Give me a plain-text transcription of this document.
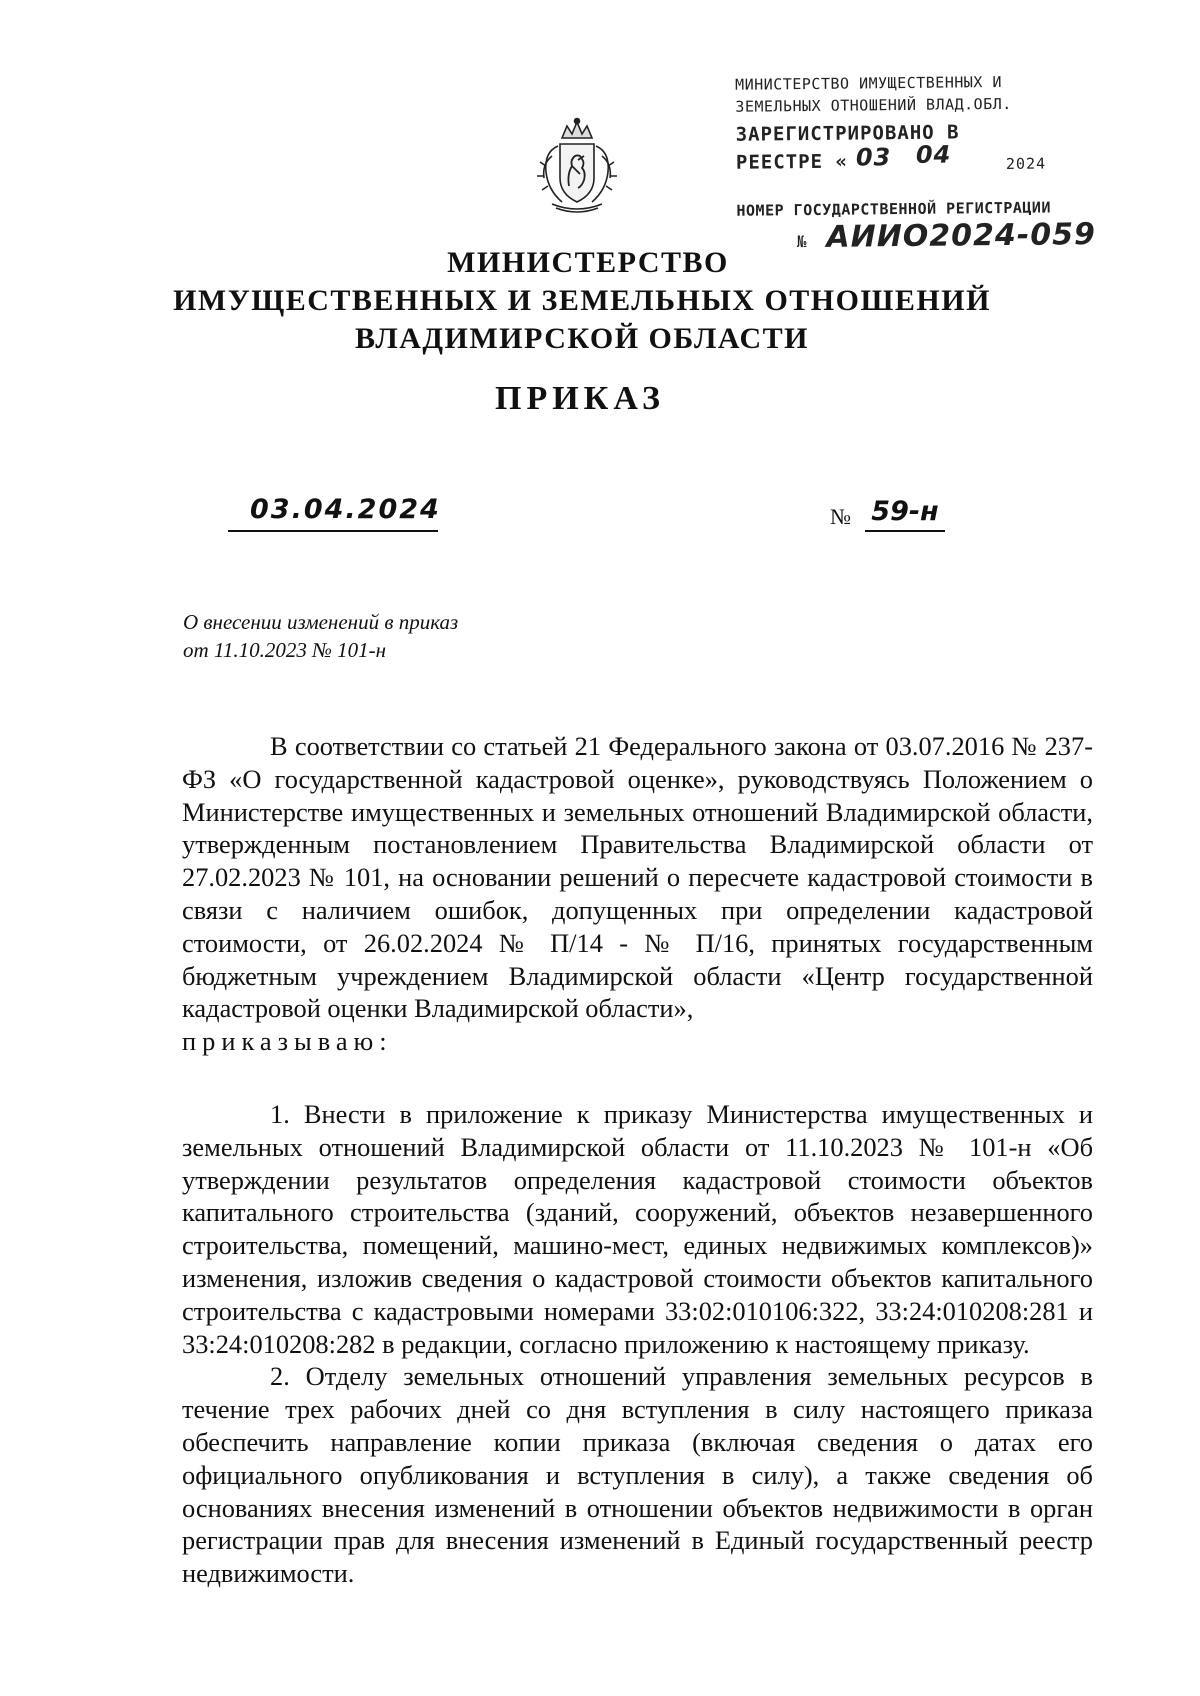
МИНИСТЕРСТВО ИМУЩЕСТВЕННЫХ И
ЗЕМЕЛЬНЫХ ОТНОШЕНИЙ ВЛАД.ОБЛ.
ЗАРЕГИСТРИРОВАНО В
РЕЕСТРЕ « 03 04	2024
НОМЕР ГОСУДАРСТВЕННОЙ РЕГИСТРАЦИИ
№ АИИО2024-059
МИНИСТЕРСТВО
ИМУЩЕСТВЕННЫХ И ЗЕМЕЛЬНЫХ ОТНОШЕНИЙ
ВЛАДИМИРСКОЙ ОБЛАСТИ
ПРИКАЗ
03.04.2024	№ 59-н
О внесении изменений в приказ
от 11.10.2023 № 101-н

В соответствии со статьей 21 Федерального закона от 03.07.2016 № 237-ФЗ «О государственной кадастровой оценке», руководствуясь Положением о Министерстве имущественных и земельных отношений Владимирской области, утвержденным постановлением Правительства Владимирской области от 27.02.2023 № 101, на основании решений о пересчете кадастровой стоимости в связи с наличием ошибок, допущенных при определении кадастровой стоимости, от 26.02.2024 № П/14 - № П/16, принятых государственным бюджетным учреждением Владимирской области «Центр государственной кадастровой оценки Владимирской области»,

приказываю:

1. Внести в приложение к приказу Министерства имущественных и земельных отношений Владимирской области от 11.10.2023 № 101-н «Об утверждении результатов определения кадастровой стоимости объектов капитального строительства (зданий, сооружений, объектов незавершенного строительства, помещений, машино-мест, единых недвижимых комплексов)» изменения, изложив сведения о кадастровой стоимости объектов капитального строительства с кадастровыми номерами 33:02:010106:322, 33:24:010208:281 и 33:24:010208:282 в редакции, согласно приложению к настоящему приказу.

2. Отделу земельных отношений управления земельных ресурсов в течение трех рабочих дней со дня вступления в силу настоящего приказа обеспечить направление копии приказа (включая сведения о датах его официального опубликования и вступления в силу), а также сведения об основаниях внесения изменений в отношении объектов недвижимости в орган регистрации прав для внесения изменений в Единый государственный реестр недвижимости.
